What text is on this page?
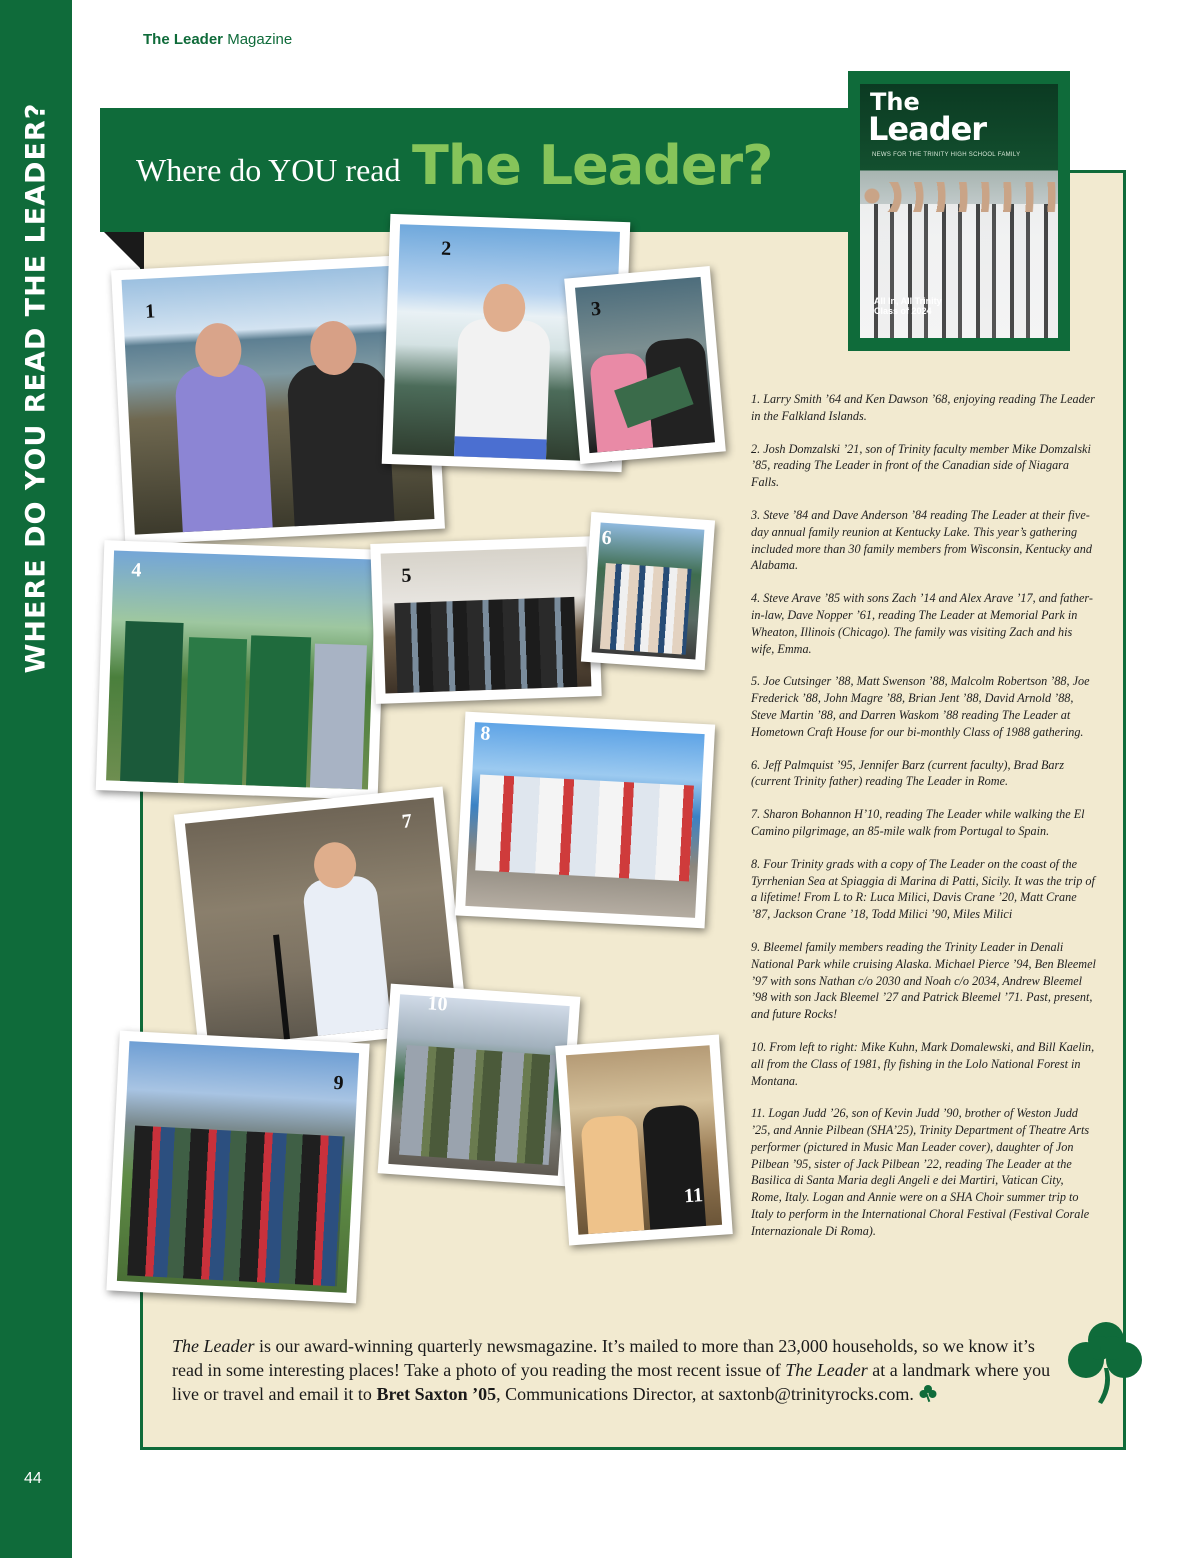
WHERE DO YOU READ THE LEADER?
44
The Leader Magazine
Where do YOU read The Leader?
The
Leader
NEWS FOR THE TRINITY HIGH SCHOOL FAMILY
All In, All Trinity
Class of 2024
1
2
3
4	5
6
7
8
9
10
11

1. Larry Smith ’64 and Ken Dawson ’68, enjoying reading The Leader in the Falkland Islands.

2. Josh Domzalski ’21, son of Trinity faculty member Mike Domzalski ’85, reading The Leader in front of the Canadian side of Niagara Falls.

3. Steve ’84 and Dave Anderson ’84 reading The Leader at their five-day annual family reunion at Kentucky Lake. This year’s gathering included more than 30 family members from Wisconsin, Kentucky and Alabama.

4. Steve Arave ’85 with sons Zach ’14 and Alex Arave ’17, and father-in-law, Dave Nopper ’61, reading The Leader at Memorial Park in Wheaton, Illinois (Chicago). The family was visiting Zach and his wife, Emma.

5. Joe Cutsinger ’88, Matt Swenson ’88, Malcolm Robertson ’88, Joe Frederick ’88, John Magre ’88, Brian Jent ’88, David Arnold ’88, Steve Martin ’88, and Darren Waskom ’88 reading The Leader at Hometown Craft House for our bi-monthly Class of 1988 gathering.

6. Jeff Palmquist ’95, Jennifer Barz (current faculty), Brad Barz (current Trinity father) reading The Leader in Rome.

7. Sharon Bohannon H’10, reading The Leader while walking the El Camino pilgrimage, an 85-mile walk from Portugal to Spain.

8. Four Trinity grads with a copy of The Leader on the coast of the Tyrrhenian Sea at Spiaggia di Marina di Patti, Sicily. It was the trip of a lifetime! From L to R: Luca Milici, Davis Crane ’20, Matt Crane ’87, Jackson Crane ’18, Todd Milici ’90, Miles Milici

9. Bleemel family members reading the Trinity Leader in Denali National Park while cruising Alaska. Michael Pierce ’94, Ben Bleemel ’97 with sons Nathan c/o 2030 and Noah c/o 2034, Andrew Bleemel ’98 with son Jack Bleemel ’27 and Patrick Bleemel ’71. Past, present, and future Rocks!

10. From left to right: Mike Kuhn, Mark Domalewski, and Bill Kaelin, all from the Class of 1981, fly fishing in the Lolo National Forest in Montana.

11. Logan Judd ’26, son of Kevin Judd ’90, brother of Weston Judd ’25, and Annie Pilbean (SHA’25), Trinity Department of Theatre Arts performer (pictured in Music Man Leader cover), daughter of Jon Pilbean ’95, sister of Jack Pilbean ’22, reading The Leader at the Basilica di Santa Maria degli Angeli e dei Martiri, Vatican City, Rome, Italy. Logan and Annie were on a SHA Choir summer trip to Italy to perform in the International Choral Festival (Festival Corale Internazionale Di Roma).

The Leader is our award-winning quarterly newsmagazine. It’s mailed to more than 23,000 households, so we know it’s read in some interesting places! Take a photo of you reading the most recent issue of The Leader at a landmark where you live or travel and email it to Bret Saxton ’05, Communications Director, at saxtonb@trinityrocks.com.
